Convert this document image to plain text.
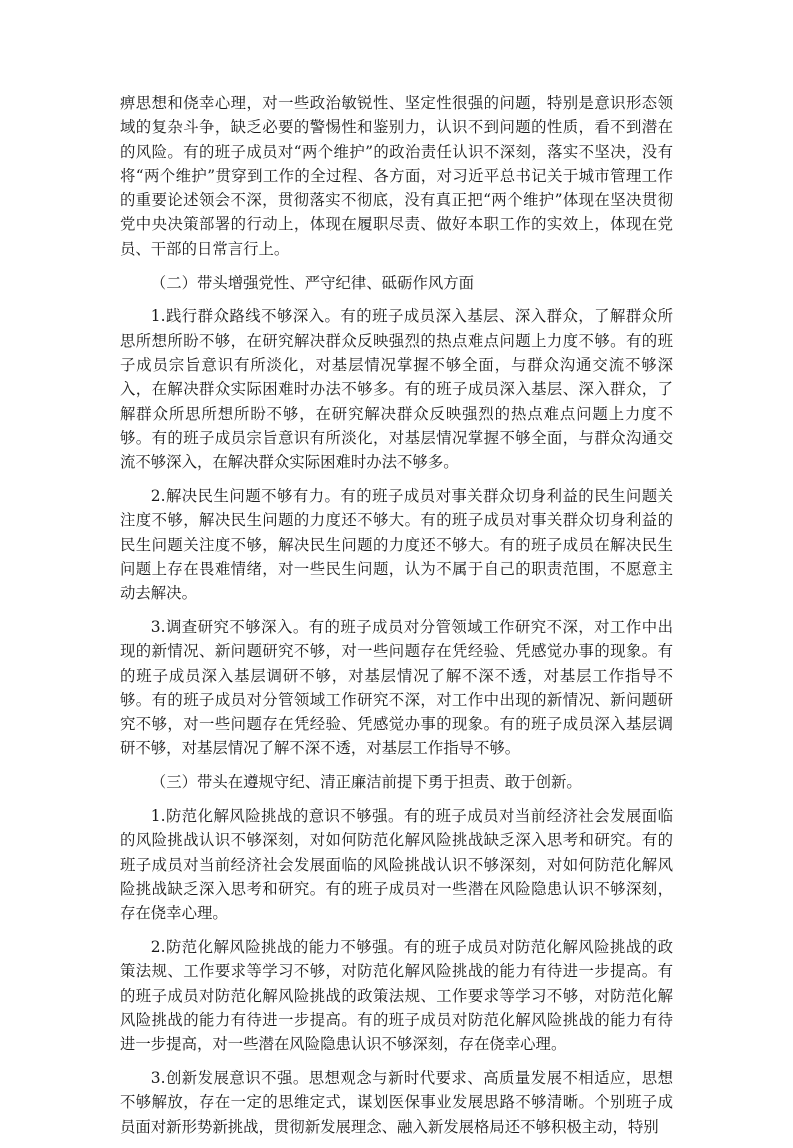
痹思想和侥幸心理，对一些政治敏锐性、坚定性很强的问题，特别是意识形态领域的复杂斗争，缺乏必要的警惕性和鉴别力，认识不到问题的性质，看不到潜在的风险。有的班子成员对“两个维护”的政治责任认识不深刻，落实不坚决，没有将“两个维护”贯穿到工作的全过程、各方面，对习近平总书记关于城市管理工作的重要论述领会不深，贯彻落实不彻底，没有真正把“两个维护”体现在坚决贯彻党中央决策部署的行动上，体现在履职尽责、做好本职工作的实效上，体现在党员、干部的日常言行上。

（二）带头增强党性、严守纪律、砥砺作风方面

1.践行群众路线不够深入。有的班子成员深入基层、深入群众，了解群众所思所想所盼不够，在研究解决群众反映强烈的热点难点问题上力度不够。有的班子成员宗旨意识有所淡化，对基层情况掌握不够全面，与群众沟通交流不够深入，在解决群众实际困难时办法不够多。有的班子成员深入基层、深入群众，了解群众所思所想所盼不够，在研究解决群众反映强烈的热点难点问题上力度不够。有的班子成员宗旨意识有所淡化，对基层情况掌握不够全面，与群众沟通交流不够深入，在解决群众实际困难时办法不够多。

2.解决民生问题不够有力。有的班子成员对事关群众切身利益的民生问题关注度不够，解决民生问题的力度还不够大。有的班子成员对事关群众切身利益的民生问题关注度不够，解决民生问题的力度还不够大。有的班子成员在解决民生问题上存在畏难情绪，对一些民生问题，认为不属于自己的职责范围，不愿意主动去解决。

3.调查研究不够深入。有的班子成员对分管领域工作研究不深，对工作中出现的新情况、新问题研究不够，对一些问题存在凭经验、凭感觉办事的现象。有的班子成员深入基层调研不够，对基层情况了解不深不透，对基层工作指导不够。有的班子成员对分管领域工作研究不深，对工作中出现的新情况、新问题研究不够，对一些问题存在凭经验、凭感觉办事的现象。有的班子成员深入基层调研不够，对基层情况了解不深不透，对基层工作指导不够。

（三）带头在遵规守纪、清正廉洁前提下勇于担责、敢于创新。

1.防范化解风险挑战的意识不够强。有的班子成员对当前经济社会发展面临的风险挑战认识不够深刻，对如何防范化解风险挑战缺乏深入思考和研究。有的班子成员对当前经济社会发展面临的风险挑战认识不够深刻，对如何防范化解风险挑战缺乏深入思考和研究。有的班子成员对一些潜在风险隐患认识不够深刻，存在侥幸心理。

2.防范化解风险挑战的能力不够强。有的班子成员对防范化解风险挑战的政策法规、工作要求等学习不够，对防范化解风险挑战的能力有待进一步提高。有的班子成员对防范化解风险挑战的政策法规、工作要求等学习不够，对防范化解风险挑战的能力有待进一步提高。有的班子成员对防范化解风险挑战的能力有待进一步提高，对一些潜在风险隐患认识不够深刻，存在侥幸心理。

3.创新发展意识不强。思想观念与新时代要求、高质量发展不相适应，思想不够解放，存在一定的思维定式，谋划医保事业发展思路不够清晰。个别班子成员面对新形势新挑战，贯彻新发展理念、融入新发展格局还不够积极主动，特别
